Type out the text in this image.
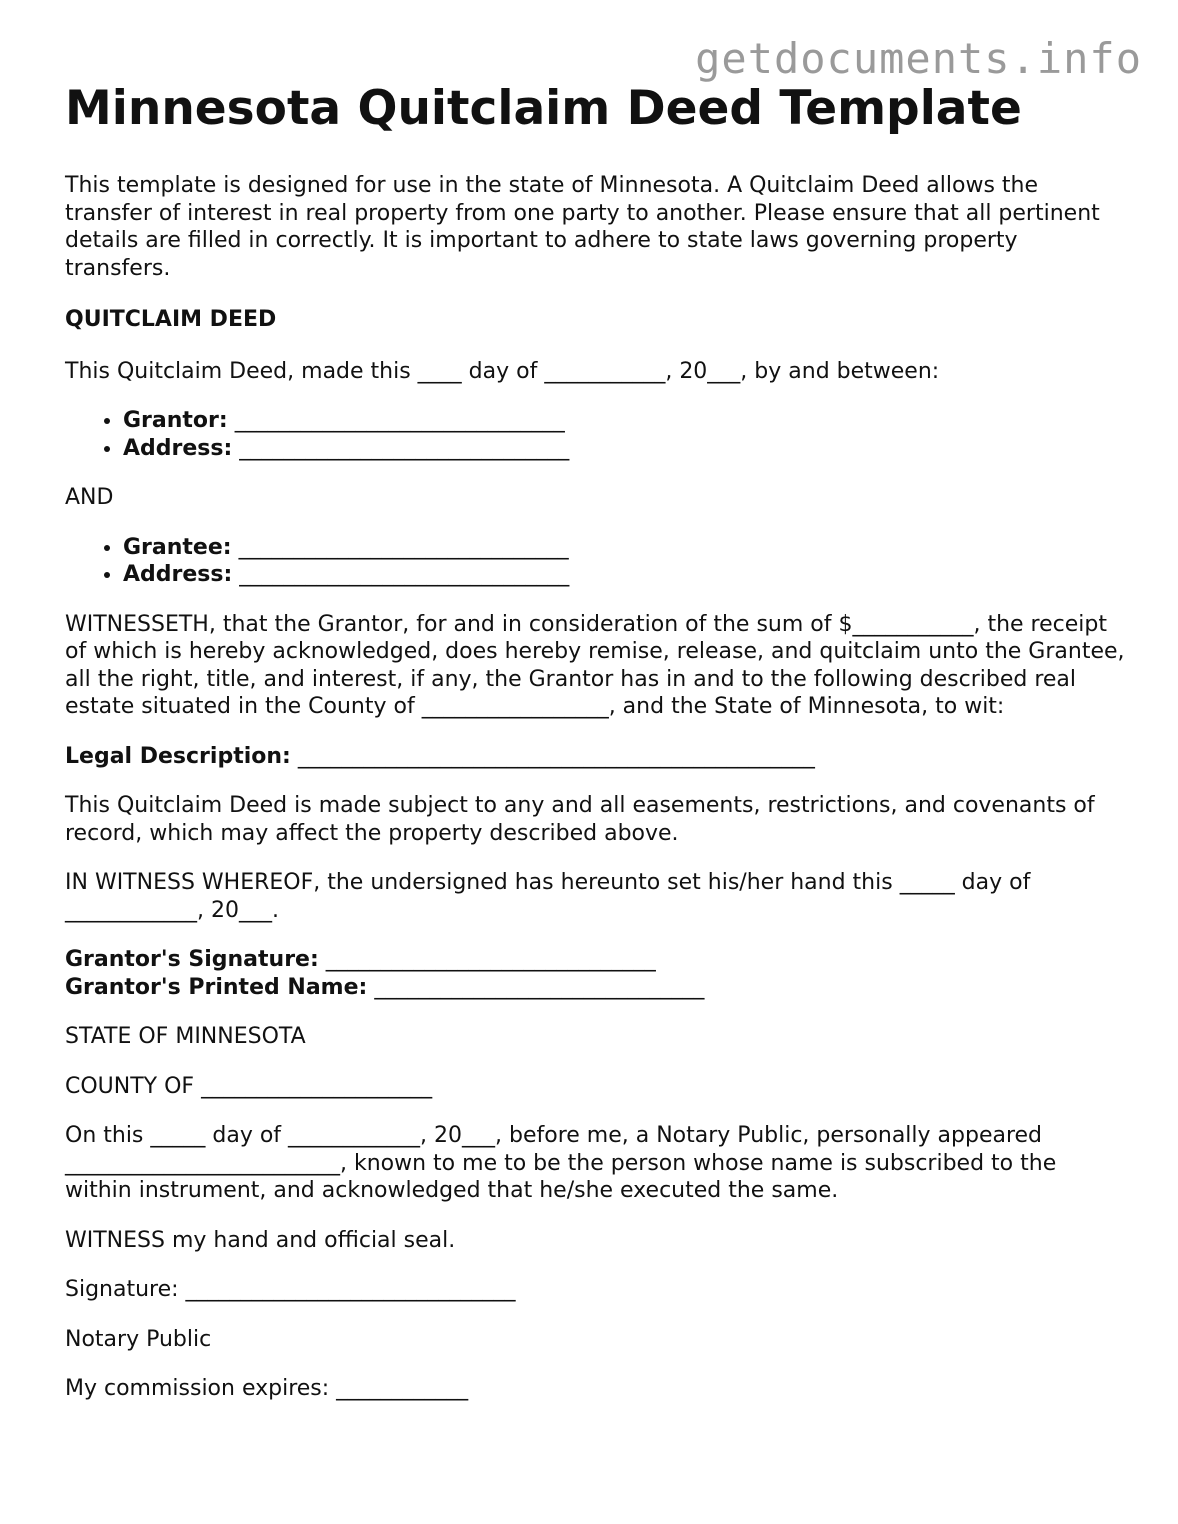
getdocuments.info
Minnesota Quitclaim Deed Template

This template is designed for use in the state of Minnesota. A Quitclaim Deed allows the transfer of interest in real property from one party to another. Please ensure that all pertinent details are filled in correctly. It is important to adhere to state laws governing property transfers.

QUITCLAIM DEED

This Quitclaim Deed, made this ____ day of ___________, 20___, by and between:

• Grantor: ______________________________
• Address: ______________________________

AND

• Grantee: ______________________________
• Address: ______________________________

WITNESSETH, that the Grantor, for and in consideration of the sum of $___________, the receipt of which is hereby acknowledged, does hereby remise, release, and quitclaim unto the Grantee, all the right, title, and interest, if any, the Grantor has in and to the following described real estate situated in the County of _________________, and the State of Minnesota, to wit:

Legal Description: _______________________________________________

This Quitclaim Deed is made subject to any and all easements, restrictions, and covenants of record, which may affect the property described above.

IN WITNESS WHEREOF, the undersigned has hereunto set his/her hand this _____ day of ____________, 20___.

Grantor's Signature: ______________________________
Grantor's Printed Name: ______________________________

STATE OF MINNESOTA

COUNTY OF _____________________

On this _____ day of ____________, 20___, before me, a Notary Public, personally appeared _________________________, known to me to be the person whose name is subscribed to the within instrument, and acknowledged that he/she executed the same.

WITNESS my hand and official seal.

Signature: ______________________________

Notary Public

My commission expires: ____________
